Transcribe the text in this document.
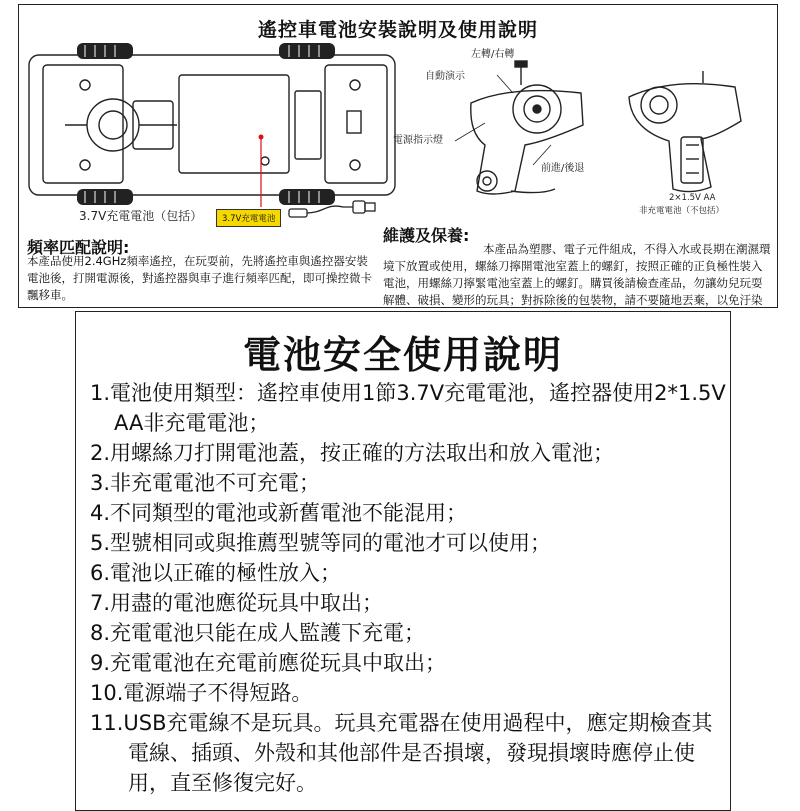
遙控車電池安裝說明及使用說明
3.7V充電電池（包括）	3.7V充電電池
左轉/右轉
自動演示
電源指示燈
前進/後退
2×1.5V AA
非充電電池（不包括）
頻率匹配說明:
本產品使用2.4GHz頻率遙控，在玩耍前，先將遙控車與遙控器安裝電池後，打開電源後，對遙控器與車子進行頻率匹配，即可操控微卡飄移車。
維護及保養:
本產品為塑膠、電子元件組成，不得入水或長期在潮濕環境下放置或使用，螺絲刀擰開電池室蓋上的螺釘，按照正確的正負極性裝入電池，用螺絲刀擰緊電池室蓋上的螺釘。購買後請檢查產品，勿讓幼兒玩耍解體、破損、變形的玩具；對拆除後的包裝物，請不要隨地丟棄，以免汙染
電池安全使用說明
1.電池使用類型：遙控車使用1節3.7V充電電池，遙控器使用2*1.5V AA非充電電池；
2.用螺絲刀打開電池蓋，按正確的方法取出和放入電池；
3.非充電電池不可充電；
4.不同類型的電池或新舊電池不能混用；
5.型號相同或與推薦型號等同的電池才可以使用；
6.電池以正確的極性放入；
7.用盡的電池應從玩具中取出；
8.充電電池只能在成人監護下充電；
9.充電電池在充電前應從玩具中取出；
10.電源端子不得短路。
11.USB充電線不是玩具。玩具充電器在使用過程中，應定期檢查其電線、插頭、外殼和其他部件是否損壞，發現損壞時應停止使用，直至修復完好。
